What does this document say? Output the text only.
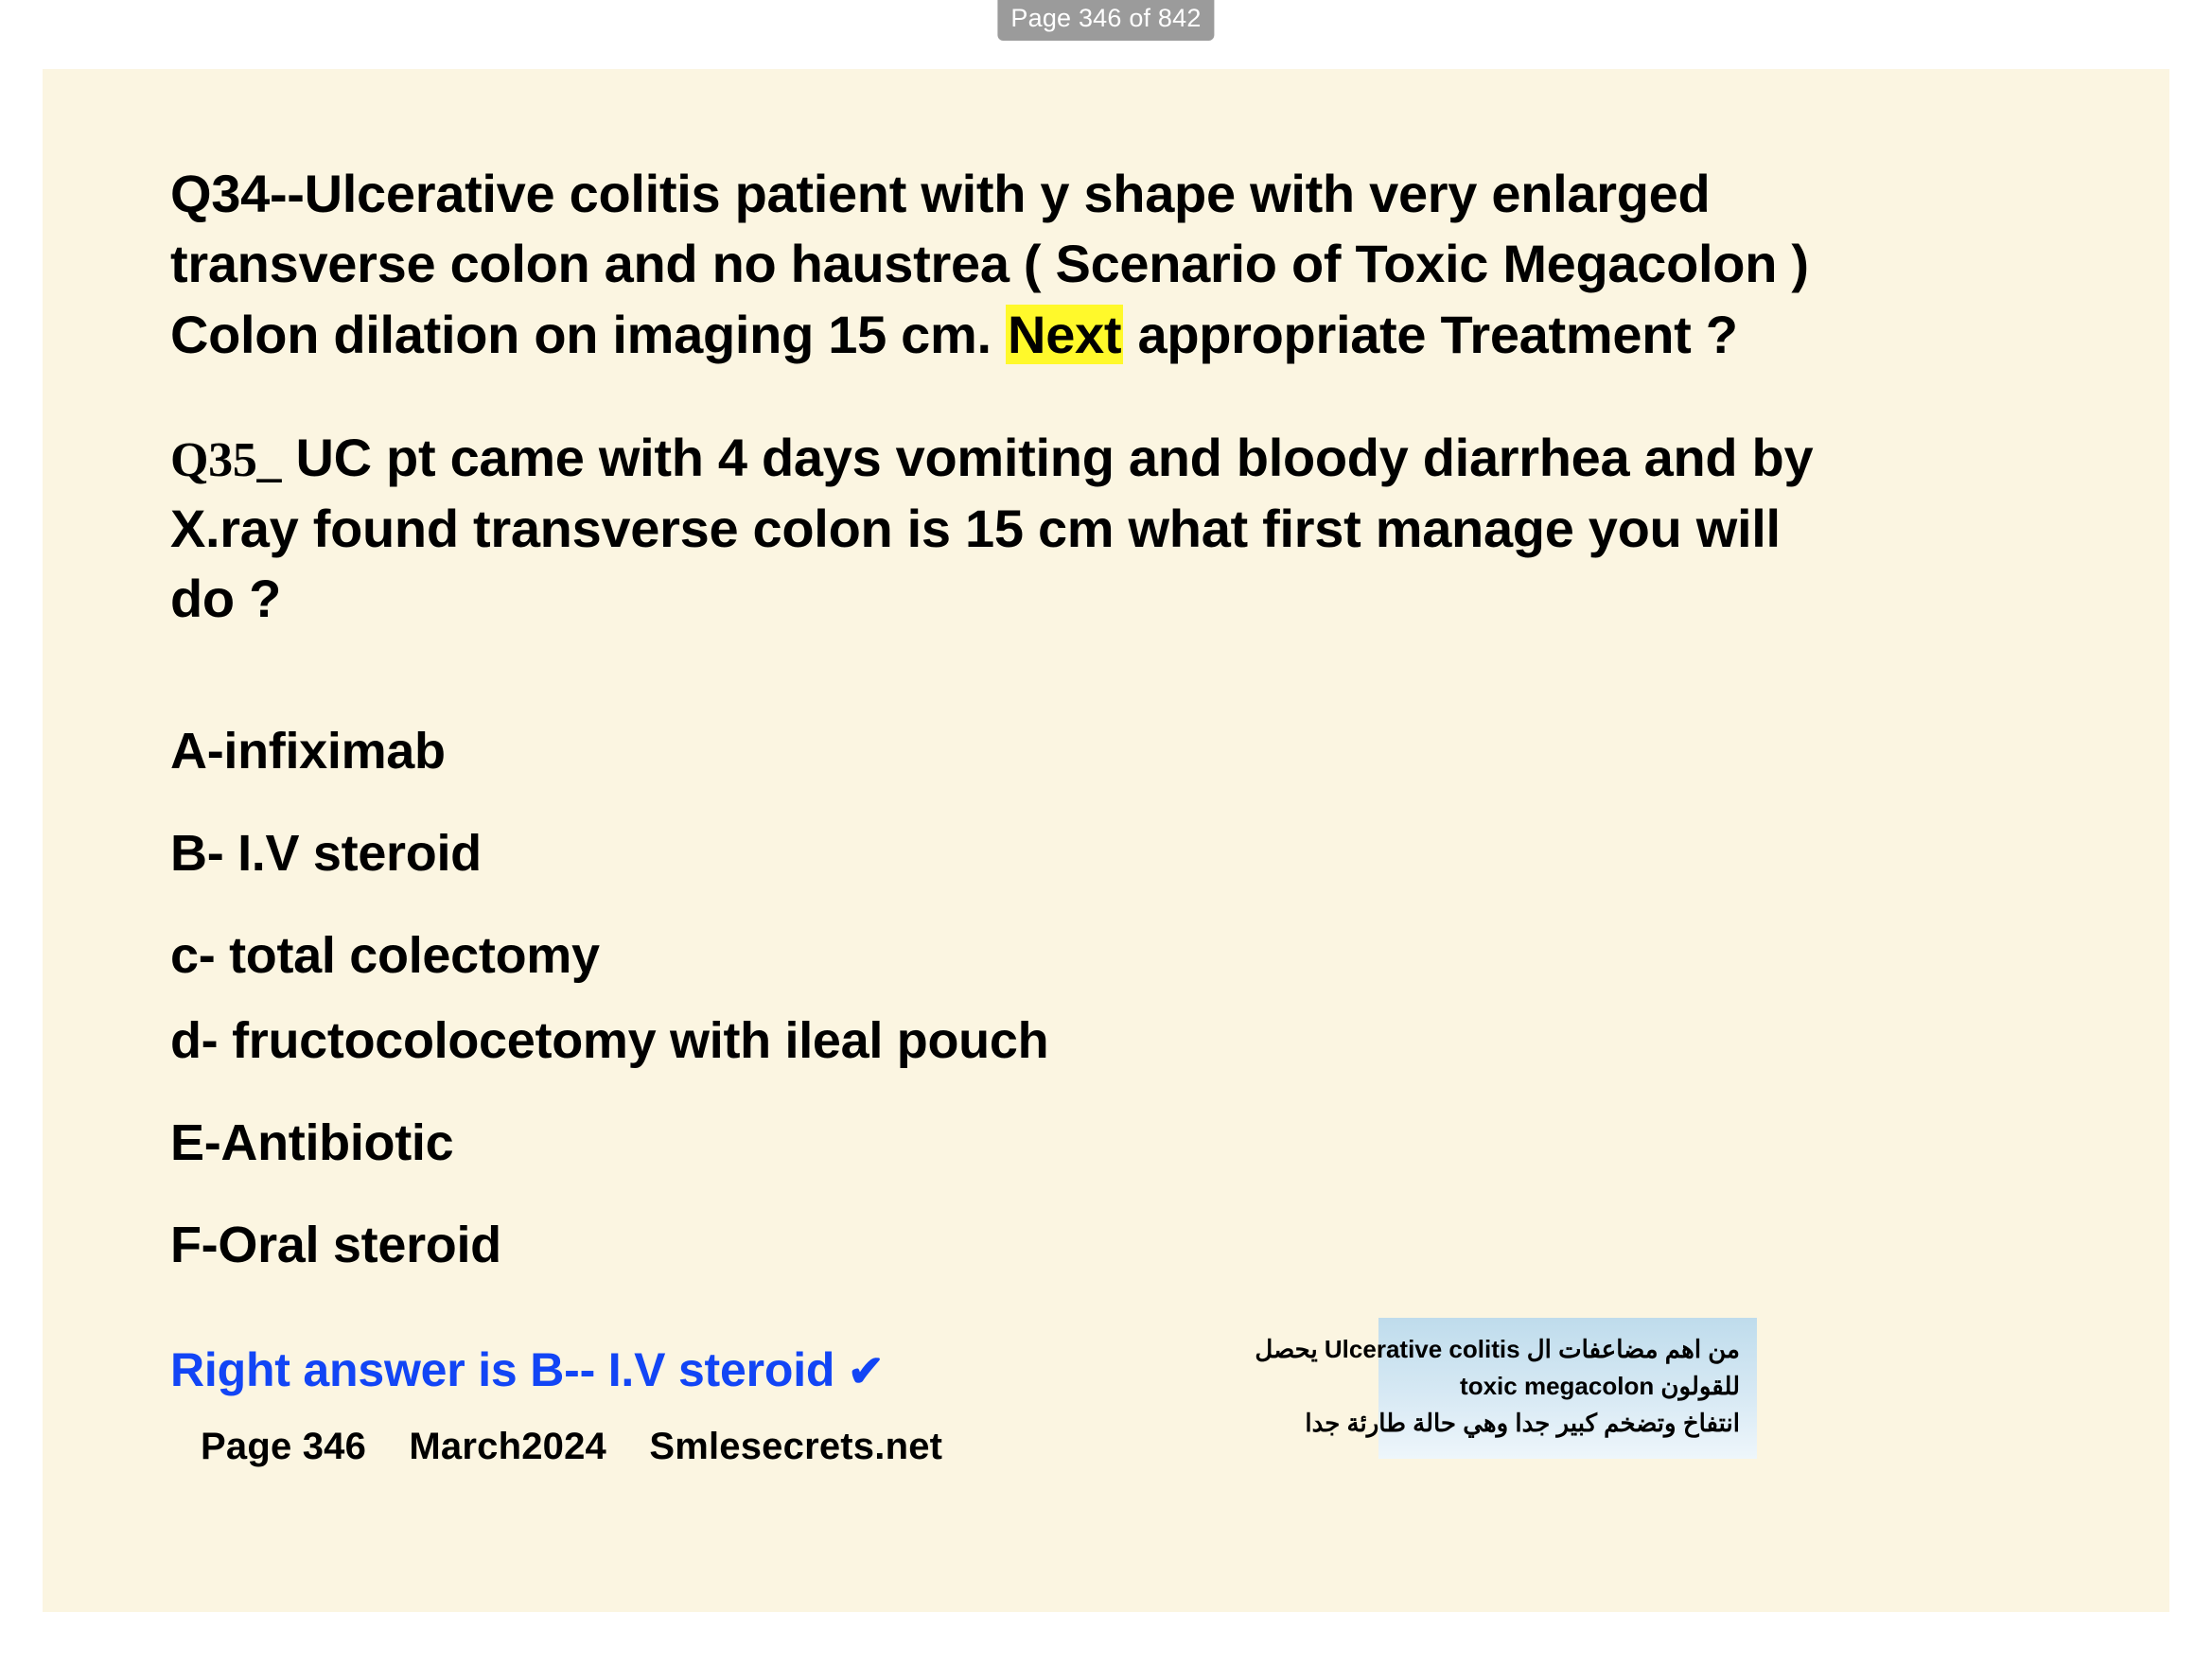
Page 346 of 842
Q34--Ulcerative colitis patient with y shape with very enlarged
transverse colon and no haustrea ( Scenario of Toxic Megacolon )
Colon dilation on imaging 15 cm. Next appropriate Treatment ?
Q35_ UC pt came with 4 days vomiting and bloody diarrhea and by
X.ray found transverse colon is 15 cm what first manage you will
do ?
A-infiximab
B- I.V steroid
c- total colectomy
d- fructocolocetomy with ileal pouch
E-Antibiotic
F-Oral steroid
Right answer is B-- I.V steroid ✔
Page 346 March2024 Smlesecrets.net
من اهم مضاعفات ال Ulcerative colitis يحصل
للقولون toxic megacolon
انتفاخ وتضخم كبير جدا وهي حالة طارئة جدا
